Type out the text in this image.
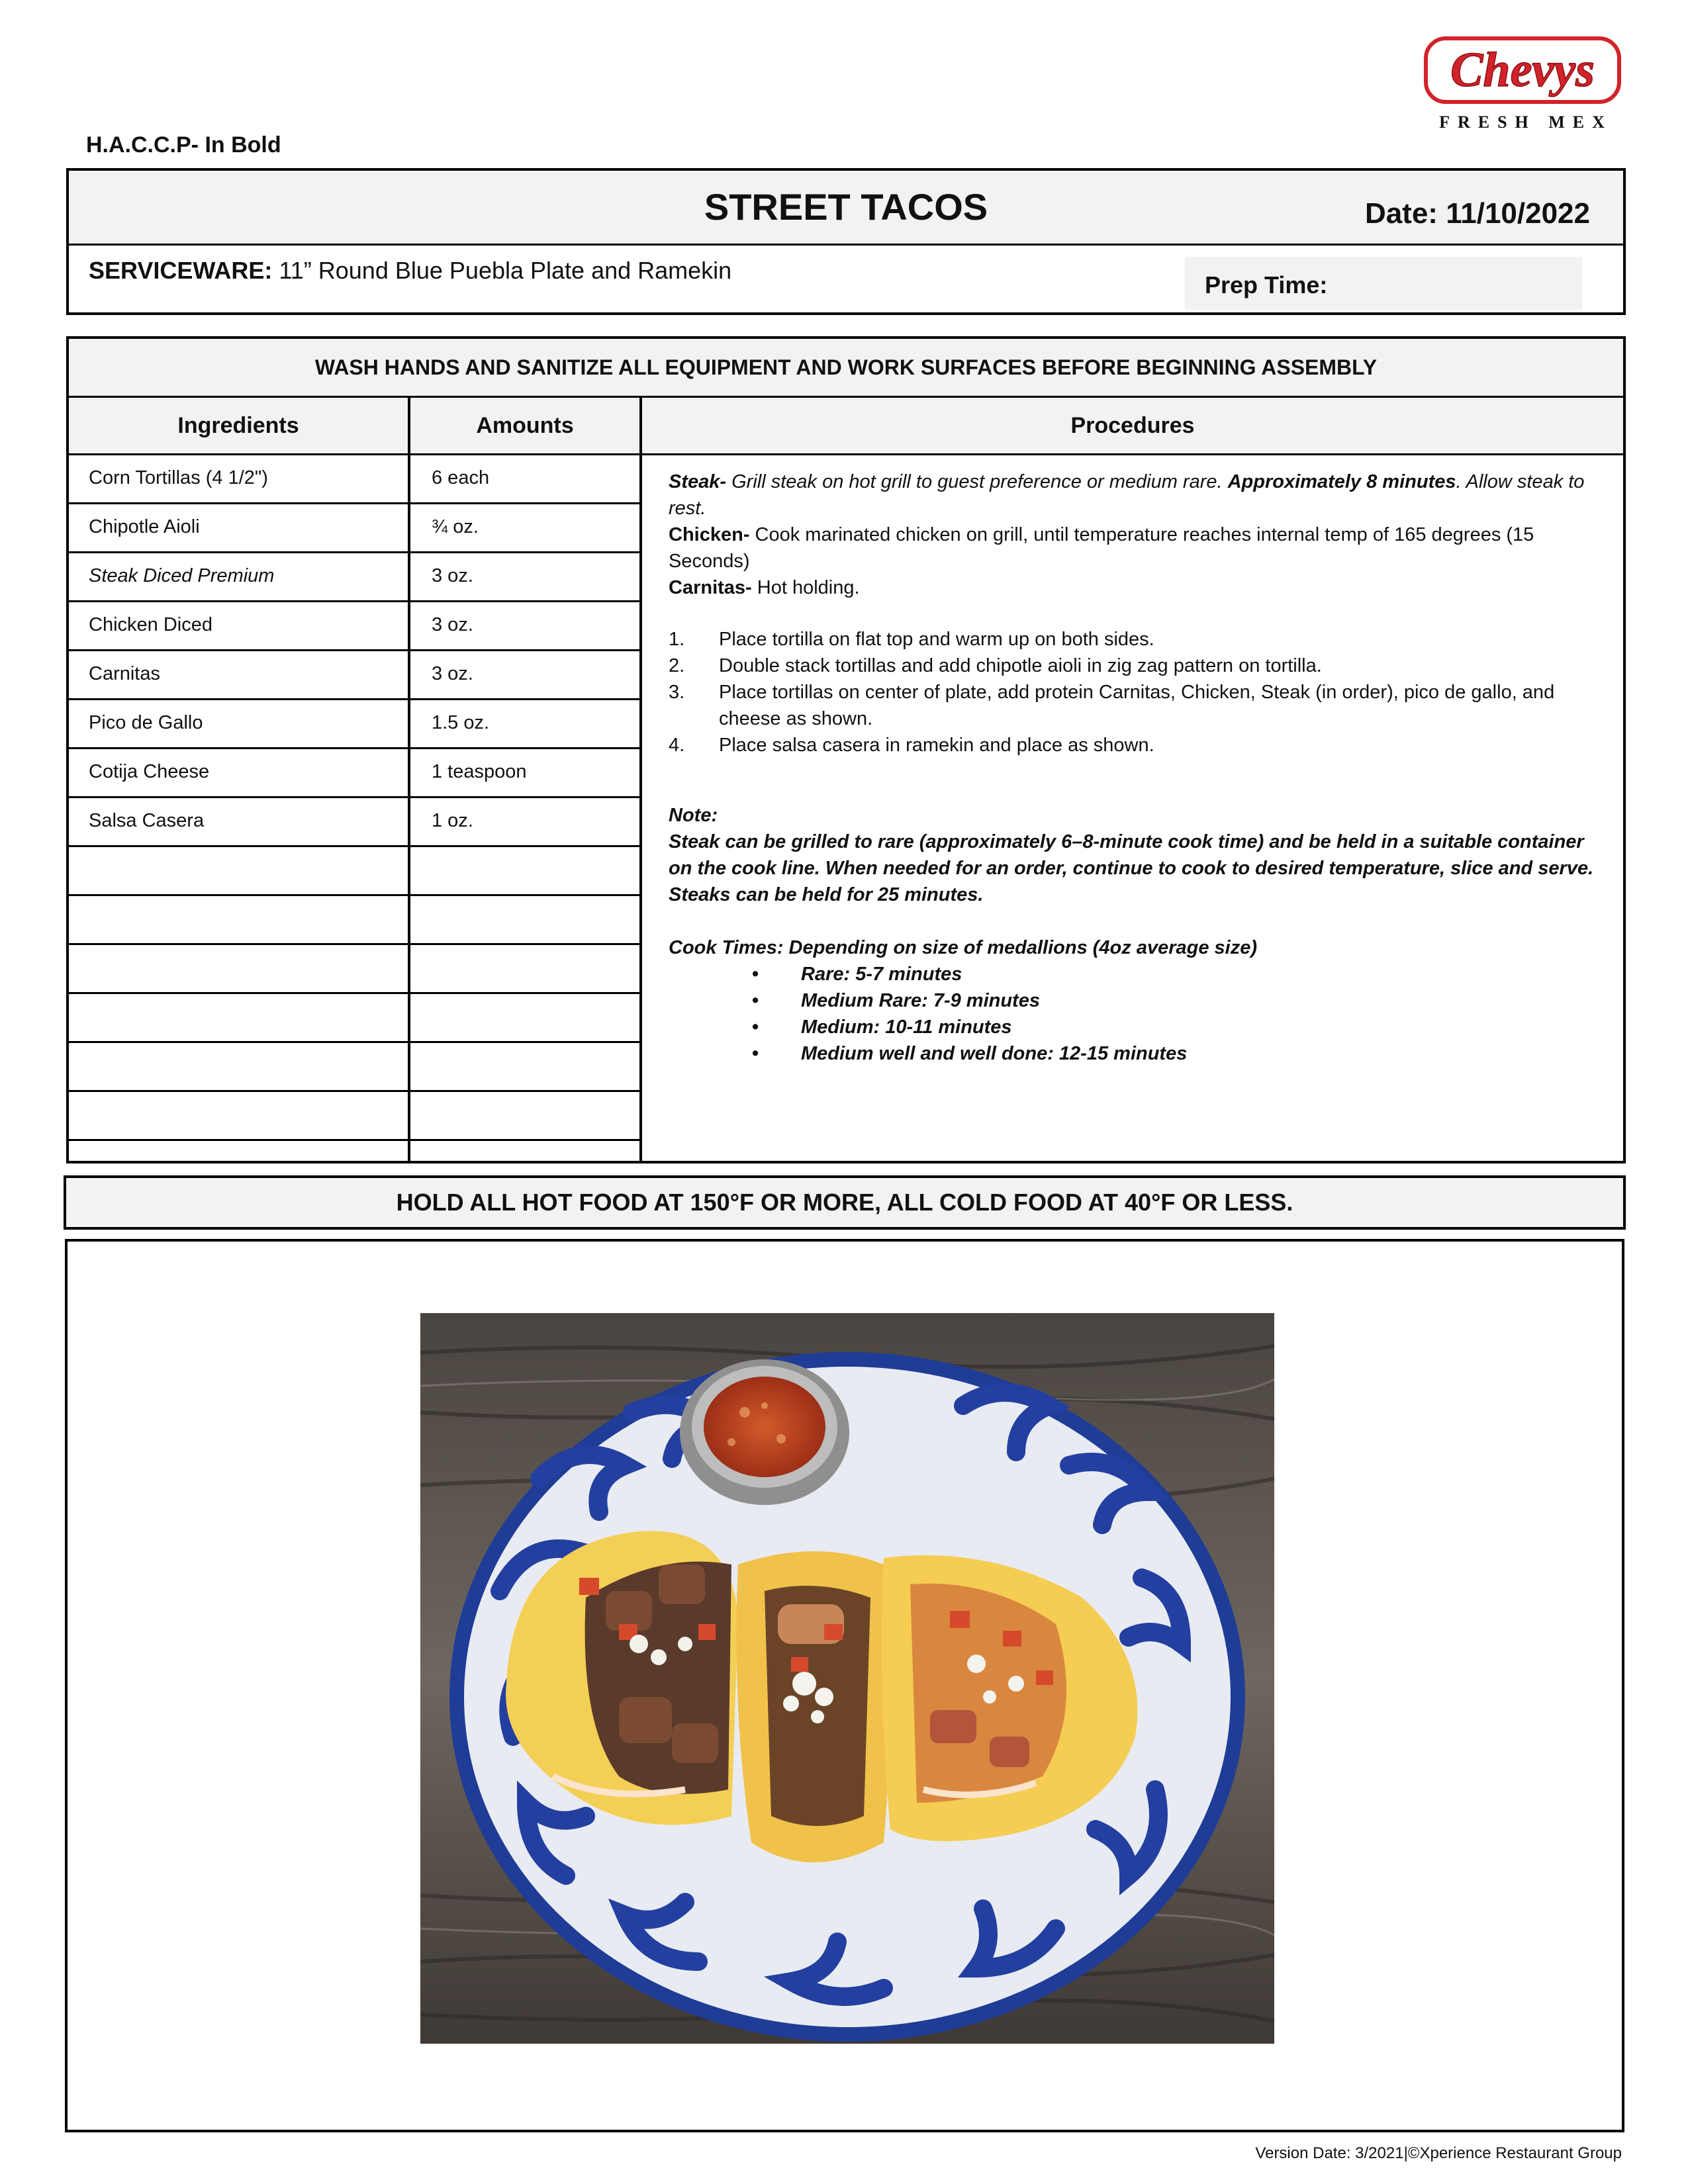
Chevys
FRESH MEX
H.A.C.C.P- In Bold
STREET TACOS	Date: 11/10/2022
SERVICEWARE: 11” Round Blue Puebla Plate and Ramekin
Prep Time:
WASH HANDS AND SANITIZE ALL EQUIPMENT AND WORK SURFACES BEFORE BEGINNING ASSEMBLY
Ingredients	Amounts	Procedures
Corn Tortillas (4 1/2")	6 each
Chipotle Aioli	¾ oz.
Steak Diced Premium	3 oz.
Chicken Diced	3 oz.
Carnitas	3 oz.
Pico de Gallo	1.5 oz.
Cotija Cheese	1 teaspoon
Salsa Casera	1 oz.

Steak- Grill steak on hot grill to guest preference or medium rare. Approximately 8 minutes. Allow steak to rest.

Chicken- Cook marinated chicken on grill, until temperature reaches internal temp of 165 degrees (15 Seconds)

Carnitas- Hot holding.

1. Place tortilla on flat top and warm up on both sides.
2. Double stack tortillas and add chipotle aioli in zig zag pattern on tortilla.
3. Place tortillas on center of plate, add protein Carnitas, Chicken, Steak (in order), pico de gallo, and cheese as shown.
4. Place salsa casera in ramekin and place as shown.

Note:

Steak can be grilled to rare (approximately 6–8-minute cook time) and be held in a suitable container on the cook line. When needed for an order, continue to cook to desired temperature, slice and serve. Steaks can be held for 25 minutes.

Cook Times: Depending on size of medallions (4oz average size)

• Rare: 5-7 minutes
• Medium Rare: 7-9 minutes
• Medium: 10-11 minutes
• Medium well and well done: 12-15 minutes
HOLD ALL HOT FOOD AT 150°F OR MORE, ALL COLD FOOD AT 40°F OR LESS.
Version Date: 3/2021|©Xperience Restaurant Group
